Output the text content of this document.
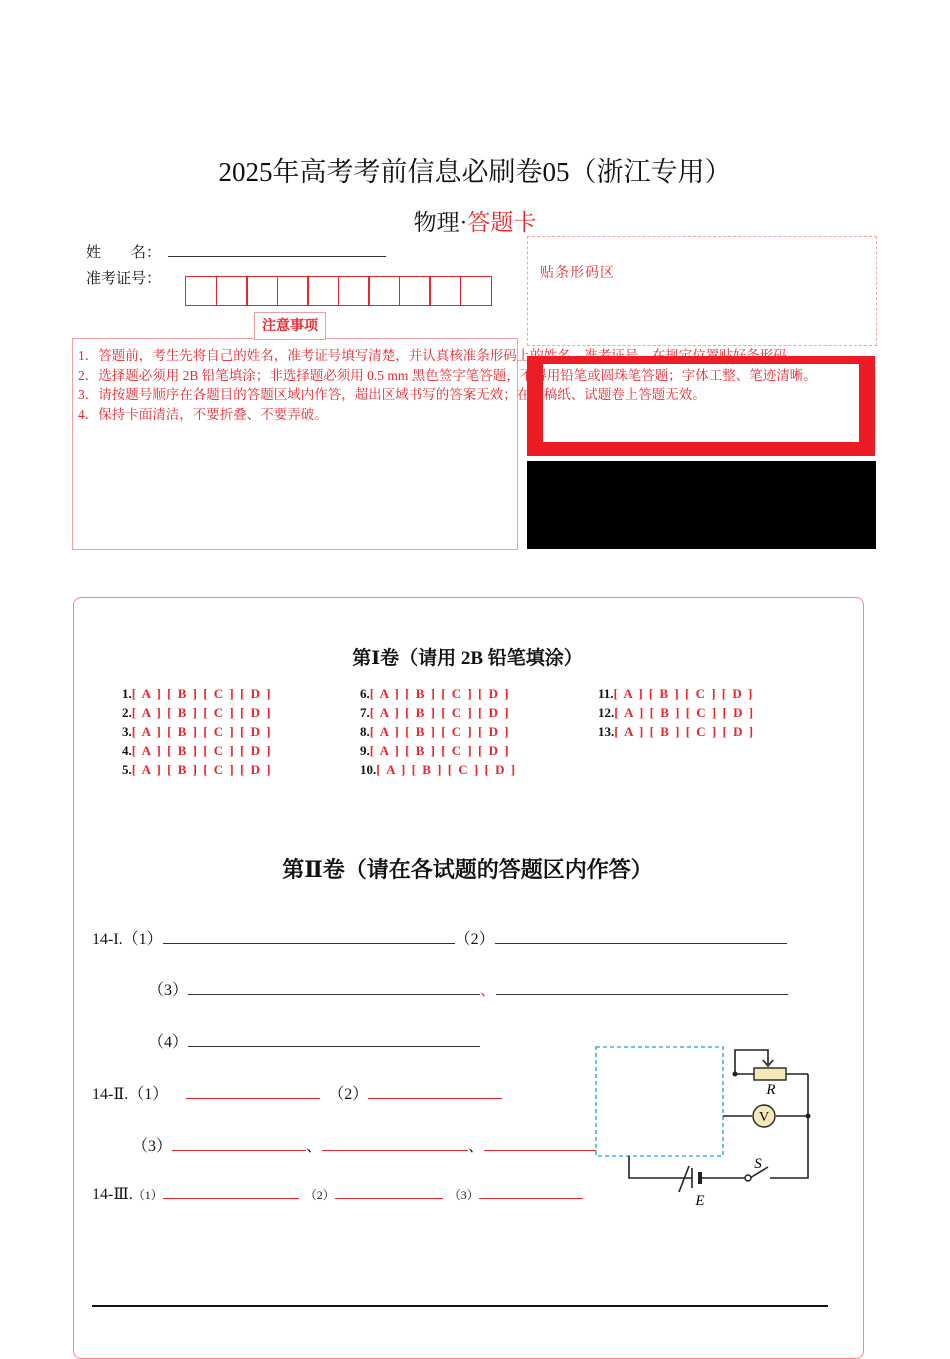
2025年高考考前信息必刷卷05（浙江专用）
物理·答题卡
姓　　名：
准考证号：	贴条形码区
注意事项
1．答题前，考生先将自己的姓名，准考证号填写清楚，并认真核准条形码上的姓名、准考证号，在规定位置贴好条形码。
2．选择题必须用 2B 铅笔填涂；非选择题必须用 0.5 mm 黑色签字笔答题，不得用铅笔或圆珠笔答题；字体工整、笔迹清晰。
3．请按题号顺序在各题目的答题区域内作答，超出区域书写的答案无效；在草稿纸、试题卷上答题无效。
4．保持卡面清洁，不要折叠、不要弄破。
第Ⅰ卷（请用 2B 铅笔填涂）
1.[ A ] [ B ] [ C ] [ D ]
2.[ A ] [ B ] [ C ] [ D ]
3.[ A ] [ B ] [ C ] [ D ]
4.[ A ] [ B ] [ C ] [ D ]
5.[ A ] [ B ] [ C ] [ D ]
6.[ A ] [ B ] [ C ] [ D ]
7.[ A ] [ B ] [ C ] [ D ]
8.[ A ] [ B ] [ C ] [ D ]
9.[ A ] [ B ] [ C ] [ D ]
10.[ A ] [ B ] [ C ] [ D ]
11.[ A ] [ B ] [ C ] [ D ]
12.[ A ] [ B ] [ C ] [ D ]
13.[ A ] [ B ] [ C ] [ D ]
第Ⅱ卷（请在各试题的答题区内作答）
14-I.（1）	（2）
（3）	、
（4）
14-Ⅱ.（1）	（2）
（3）	、	、
14-Ⅲ.（1）	（2）	（3）
V
R
S
E
